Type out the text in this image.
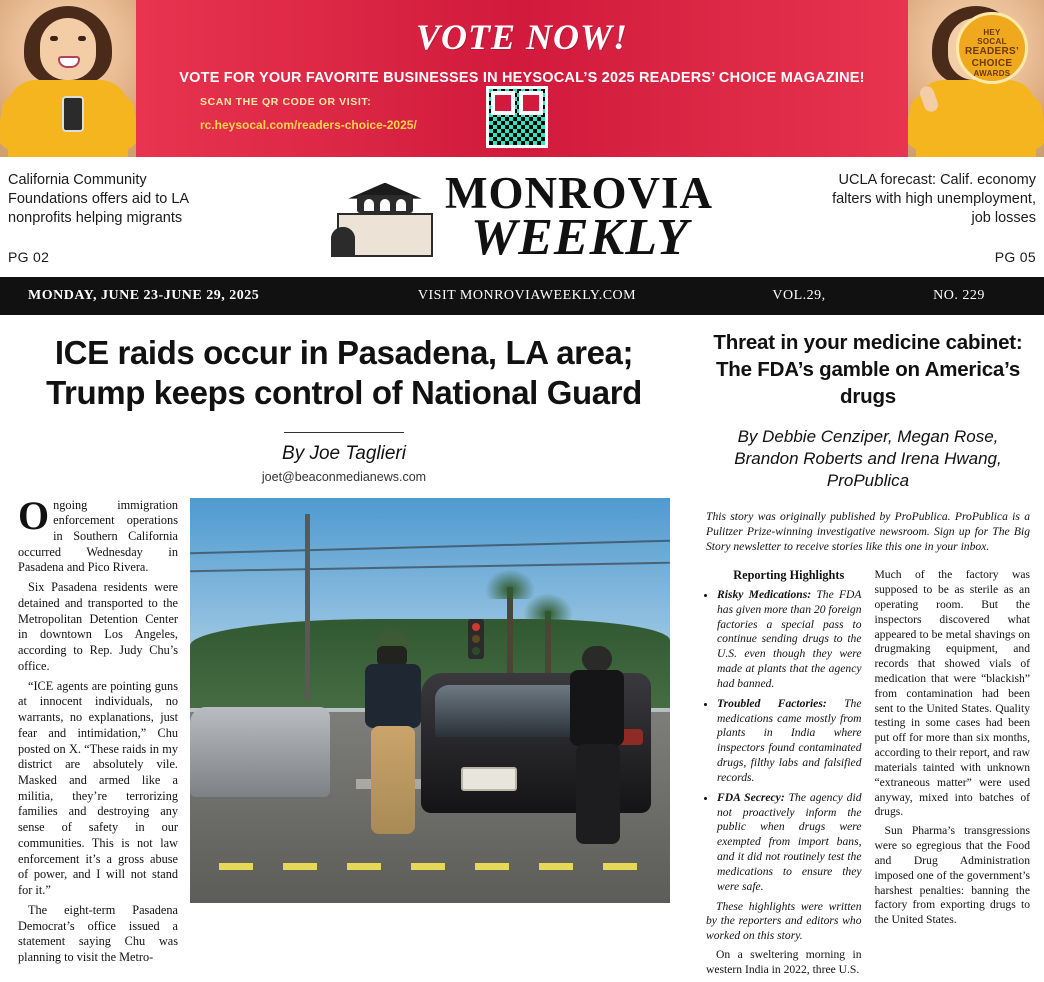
VOTE NOW!
VOTE FOR YOUR FAVORITE BUSINESSES IN HEYSOCAL’S 2025 READERS’ CHOICE MAGAZINE!
SCAN THE QR CODE OR VISIT:
rc.heysocal.com/readers-choice-2025/
HEY
SOCAL

READERS’
CHOICE
AWARDS
California Community Foundations offers aid to LA nonprofits helping migrants
PG 02
MONROVIA
WEEKLY
UCLA forecast: Calif. economy falters with high unemployment, job losses
PG 05
MONDAY, JUNE 23-JUNE 29, 2025	VISIT MONROVIAWEEKLY.COM	VOL.29,	NO. 229
ICE raids occur in Pasadena, LA area; Trump keeps control of National Guard
By Joe Taglieri
joet@beaconmedianews.com

Ongoing immigration enforcement operations in Southern California occurred Wednesday in Pasadena and Pico Rivera.

Six Pasadena residents were detained and transported to the Metropolitan Detention Center in downtown Los Angeles, according to Rep. Judy Chu’s office.

“ICE agents are pointing guns at innocent individuals, no warrants, no explanations, just fear and intimidation,” Chu posted on X. “These raids in my district are absolutely vile. Masked and armed like a militia, they’re terrorizing families and destroying any sense of safety in our communities. This is not law enforcement it’s a gross abuse of power, and I will not stand for it.”

The eight-term Pasadena Democrat’s office issued a statement saying Chu was planning to visit the Metro-

Threat in your medicine cabinet: The FDA’s gamble on America’s drugs
By Debbie Cenziper, Megan Rose, Brandon Roberts and Irena Hwang, ProPublica
This story was originally published by ProPublica. ProPublica is a Pulitzer Prize-winning investigative newsroom. Sign up for The Big Story newsletter to receive stories like this one in your inbox.

Reporting Highlights

• Risky Medications: The FDA has given more than 20 foreign factories a special pass to continue sending drugs to the U.S. even though they were made at plants that the agency had banned.
• Troubled Factories: The medications came mostly from plants in India where inspectors found contaminated drugs, filthy labs and falsified records.
• FDA Secrecy: The agency did not proactively inform the public when drugs were exempted from import bans, and it did not routinely test the medications to ensure they were safe.

These highlights were written by the reporters and editors who worked on this story.

On a sweltering morning in western India in 2022, three U.S.

Much of the factory was supposed to be as sterile as an operating room. But the inspectors discovered what appeared to be metal shavings on drugmaking equipment, and records that showed vials of medication that were “blackish” from contamination had been sent to the United States. Quality testing in some cases had been put off for more than six months, according to their report, and raw materials tainted with unknown “extraneous matter” were used anyway, mixed into batches of drugs.

Sun Pharma’s transgressions were so egregious that the Food and Drug Administration imposed one of the government’s harshest penalties: banning the factory from exporting drugs to the United States.
